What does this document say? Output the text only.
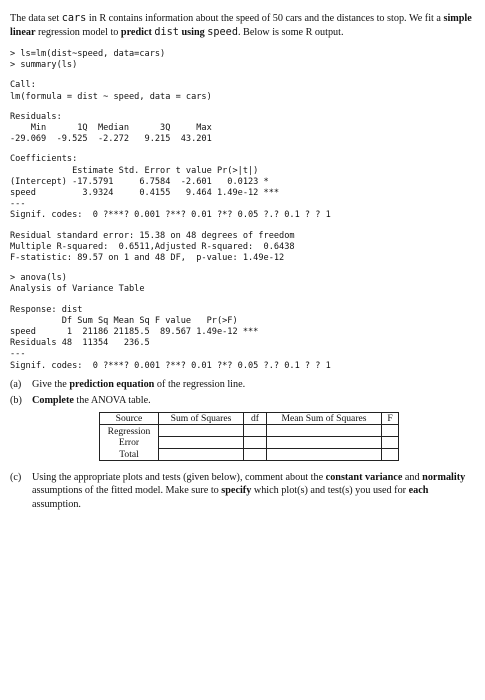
The data set cars in R contains information about the speed of 50 cars and the distances to stop. We fit a simple linear regression model to predict dist using speed. Below is some R output.

> ls=lm(dist~speed, data=cars)
> summary(ls)
Call:
lm(formula = dist ~ speed, data = cars)
Residuals:
Min      1Q  Median      3Q     Max
-29.069  -9.525  -2.272   9.215  43.201
Coefficients:
Estimate Std. Error t value Pr(>|t|)
(Intercept) -17.5791     6.7584  -2.601   0.0123 *
speed         3.9324     0.4155   9.464 1.49e-12 ***
---
Signif. codes:  0 ?***? 0.001 ?**? 0.01 ?*? 0.05 ?.? 0.1 ? ? 1
Residual standard error: 15.38 on 48 degrees of freedom
Multiple R-squared:  0.6511,Adjusted R-squared:  0.6438
F-statistic: 89.57 on 1 and 48 DF,  p-value: 1.49e-12
> anova(ls)
Analysis of Variance Table
Response: dist
Df Sum Sq Mean Sq F value   Pr(>F)
speed      1  21186 21185.5  89.567 1.49e-12 ***
Residuals 48  11354   236.5
---
Signif. codes:  0 ?***? 0.001 ?**? 0.01 ?*? 0.05 ?.? 0.1 ? ? 1
(a)	Give the prediction equation of the regression line.
(b) Complete the ANOVA table.
Source	Sum of Squares	df	Mean Sum of Squares	F
Regression				
Error				
Total				
(c)	Using the appropriate plots and tests (given below), comment about the constant variance and normality assumptions of the fitted model. Make sure to specify which plot(s) and test(s) you used for each assumption.
